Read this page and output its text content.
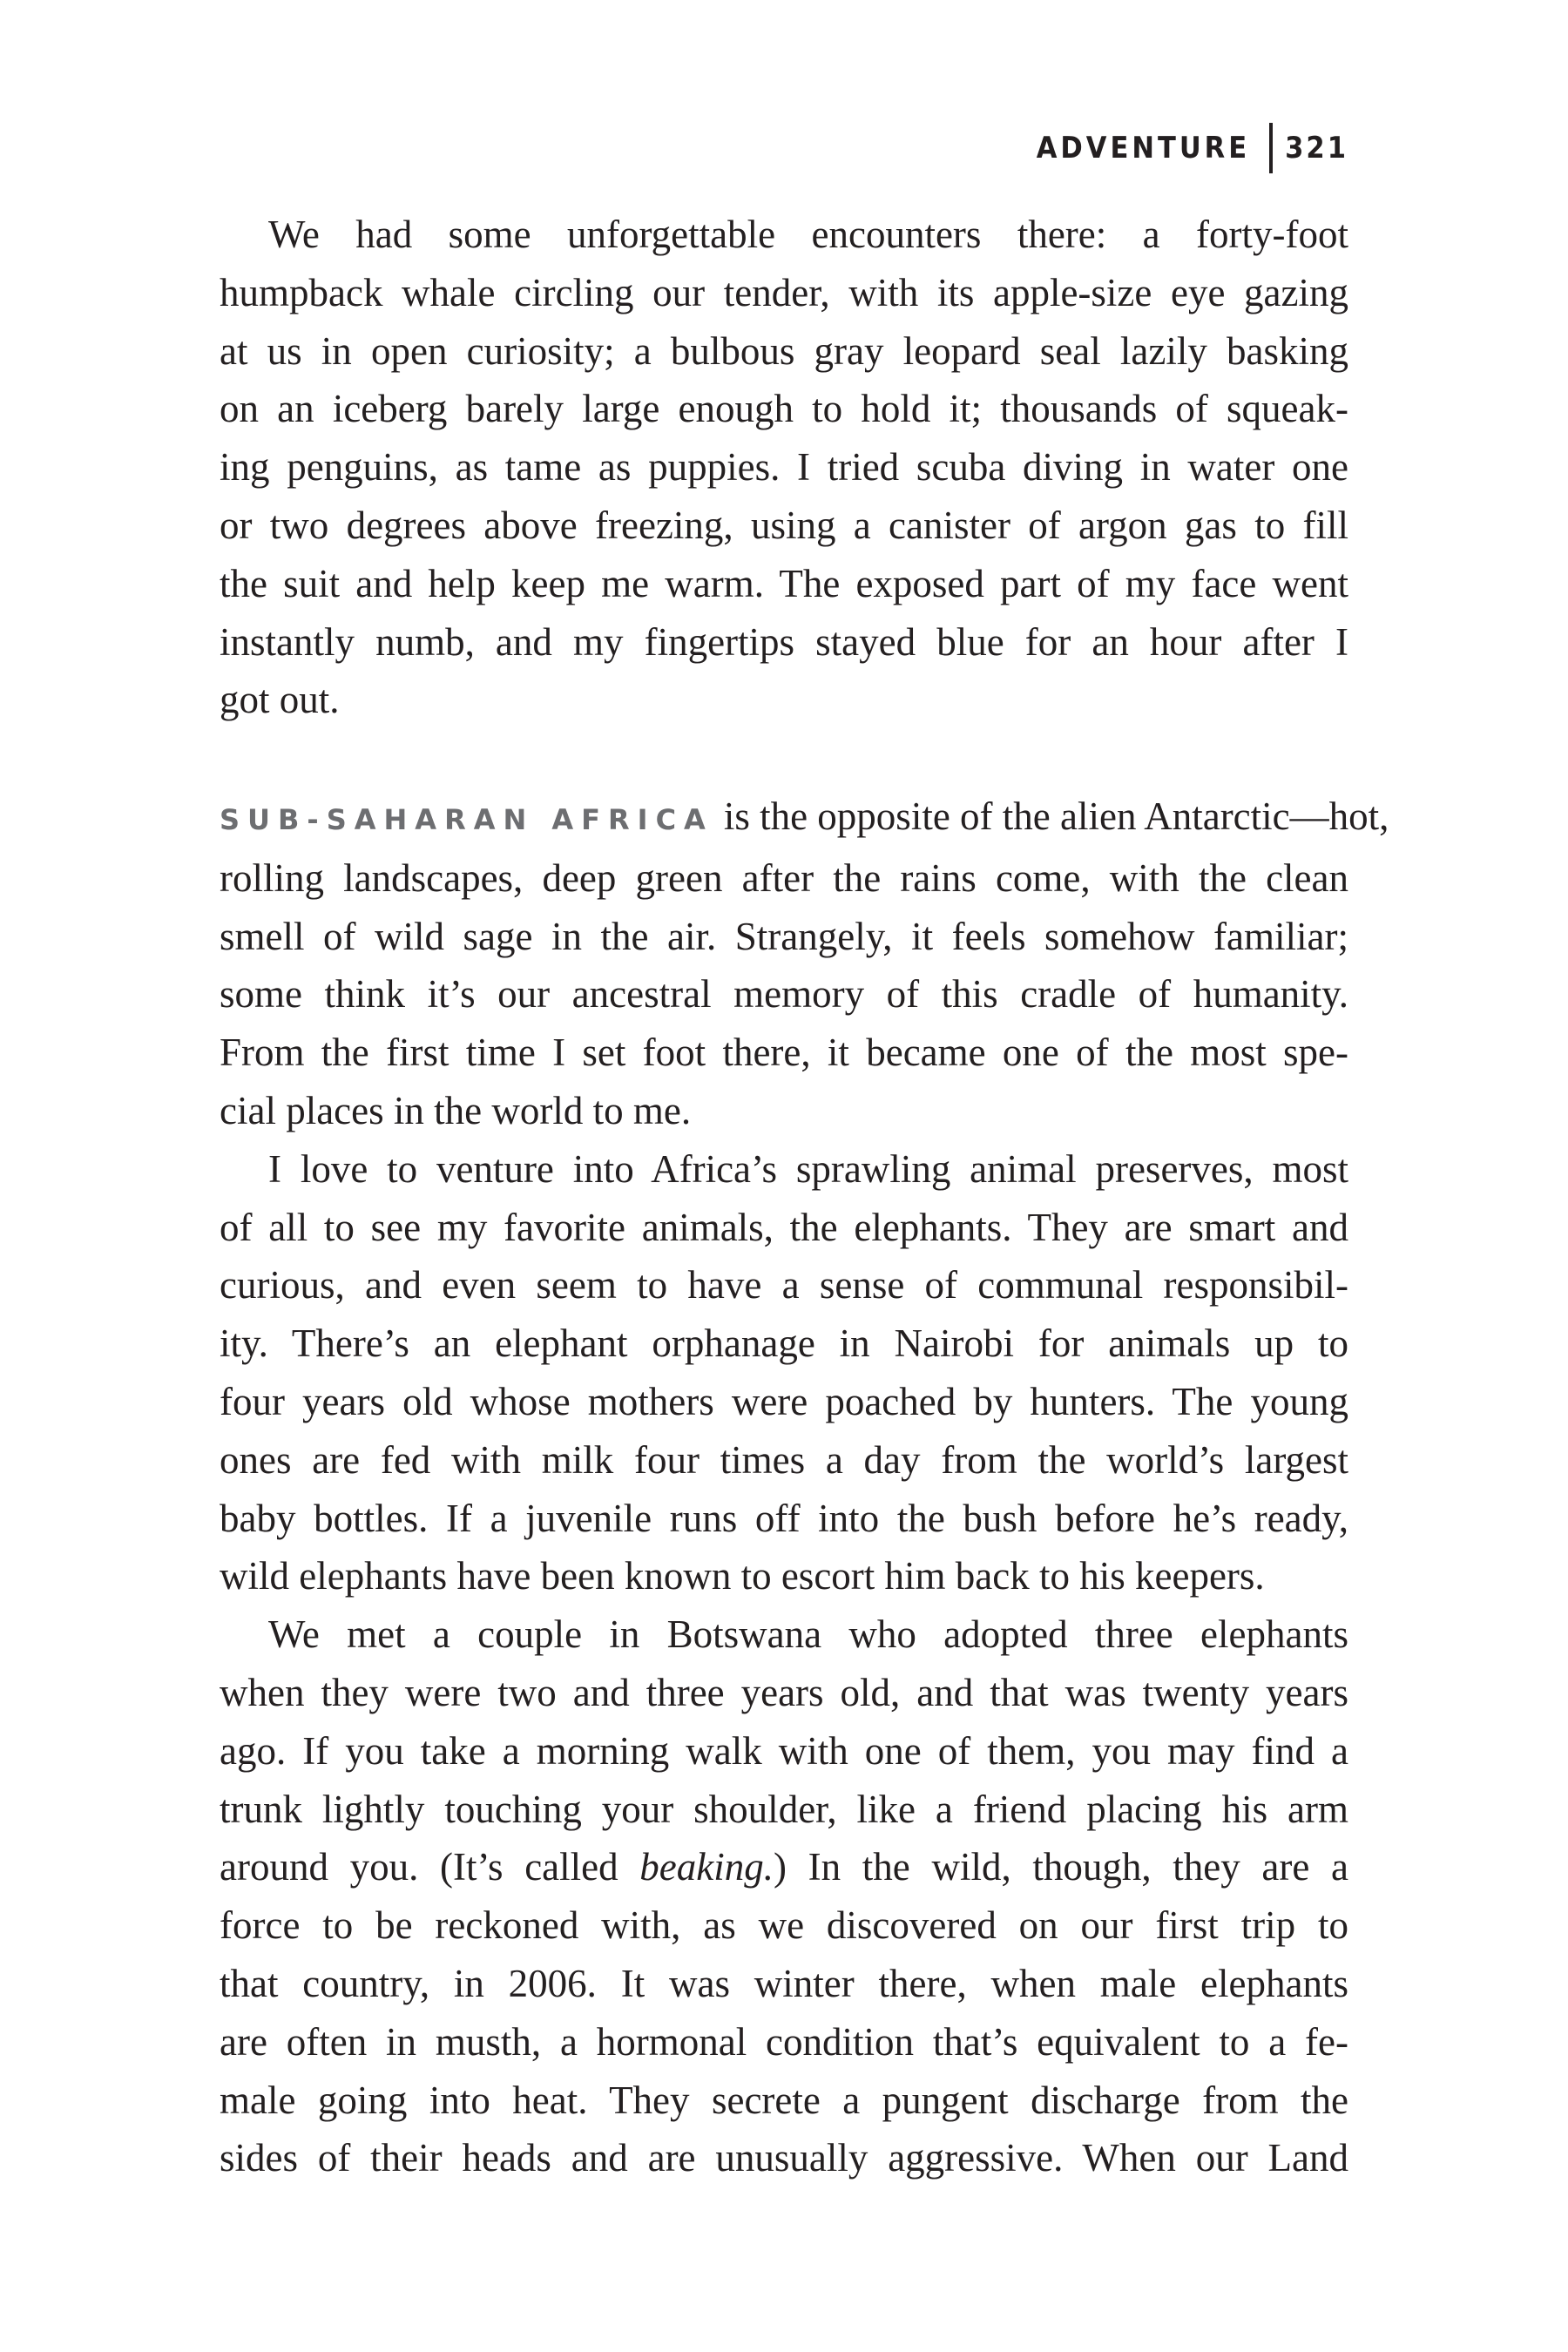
ADVENTURE	321
We had some unforgettable encounters there: a forty-foot
humpback whale circling our tender, with its apple-size eye gazing
at us in open curiosity; a bulbous gray leopard seal lazily basking
on an iceberg barely large enough to hold it; thousands of squeak-
ing penguins, as tame as puppies. I tried scuba diving in water one
or two degrees above freezing, using a canister of argon gas to fill
the suit and help keep me warm. The exposed part of my face went
instantly numb, and my fingertips stayed blue for an hour after I
got out.
SUB-SAHARAN AFRICA is the opposite of the alien Antarctic—hot,
rolling landscapes, deep green after the rains come, with the clean
smell of wild sage in the air. Strangely, it feels somehow familiar;
some think it’s our ancestral memory of this cradle of humanity.
From the first time I set foot there, it became one of the most spe-
cial places in the world to me.
I love to venture into Africa’s sprawling animal preserves, most
of all to see my favorite animals, the elephants. They are smart and
curious, and even seem to have a sense of communal responsibil-
ity. There’s an elephant orphanage in Nairobi for animals up to
four years old whose mothers were poached by hunters. The young
ones are fed with milk four times a day from the world’s largest
baby bottles. If a juvenile runs off into the bush before he’s ready,
wild elephants have been known to escort him back to his keepers.
We met a couple in Botswana who adopted three elephants
when they were two and three years old, and that was twenty years
ago. If you take a morning walk with one of them, you may find a
trunk lightly touching your shoulder, like a friend placing his arm
around you. (It’s called beaking.) In the wild, though, they are a
force to be reckoned with, as we discovered on our first trip to
that country, in 2006. It was winter there, when male elephants
are often in musth, a hormonal condition that’s equivalent to a fe-
male going into heat. They secrete a pungent discharge from the
sides of their heads and are unusually aggressive. When our Land
